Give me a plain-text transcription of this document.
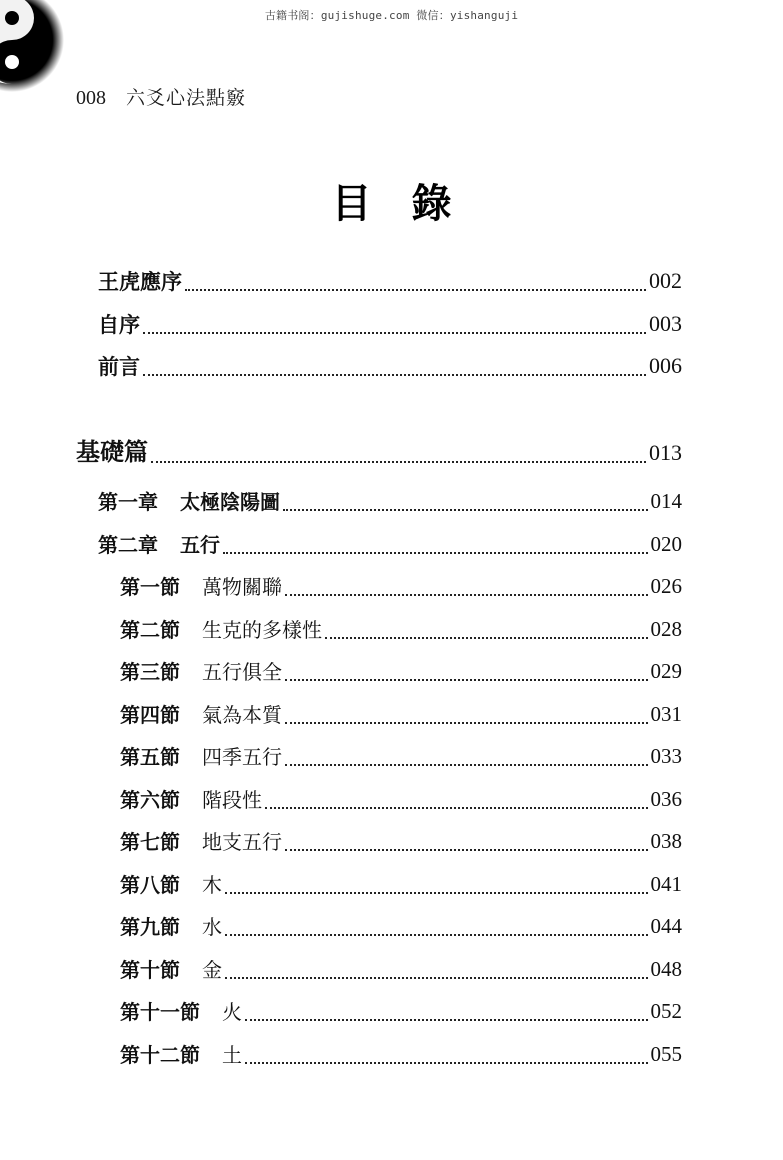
古籍书阁：gujishuge.com 微信：yishanguji
008 六爻心法點竅
目錄
王虎應序	002
自序	003
前言	006
基礎篇	013
第一章 太極陰陽圖	014
第二章 五行	020
第一節 萬物關聯	026
第二節 生克的多樣性	028
第三節 五行俱全	029
第四節 氣為本質	031
第五節 四季五行	033
第六節 階段性	036
第七節 地支五行	038
第八節 木	041
第九節 水	044
第十節 金	048
第十一節 火	052
第十二節 土	055
